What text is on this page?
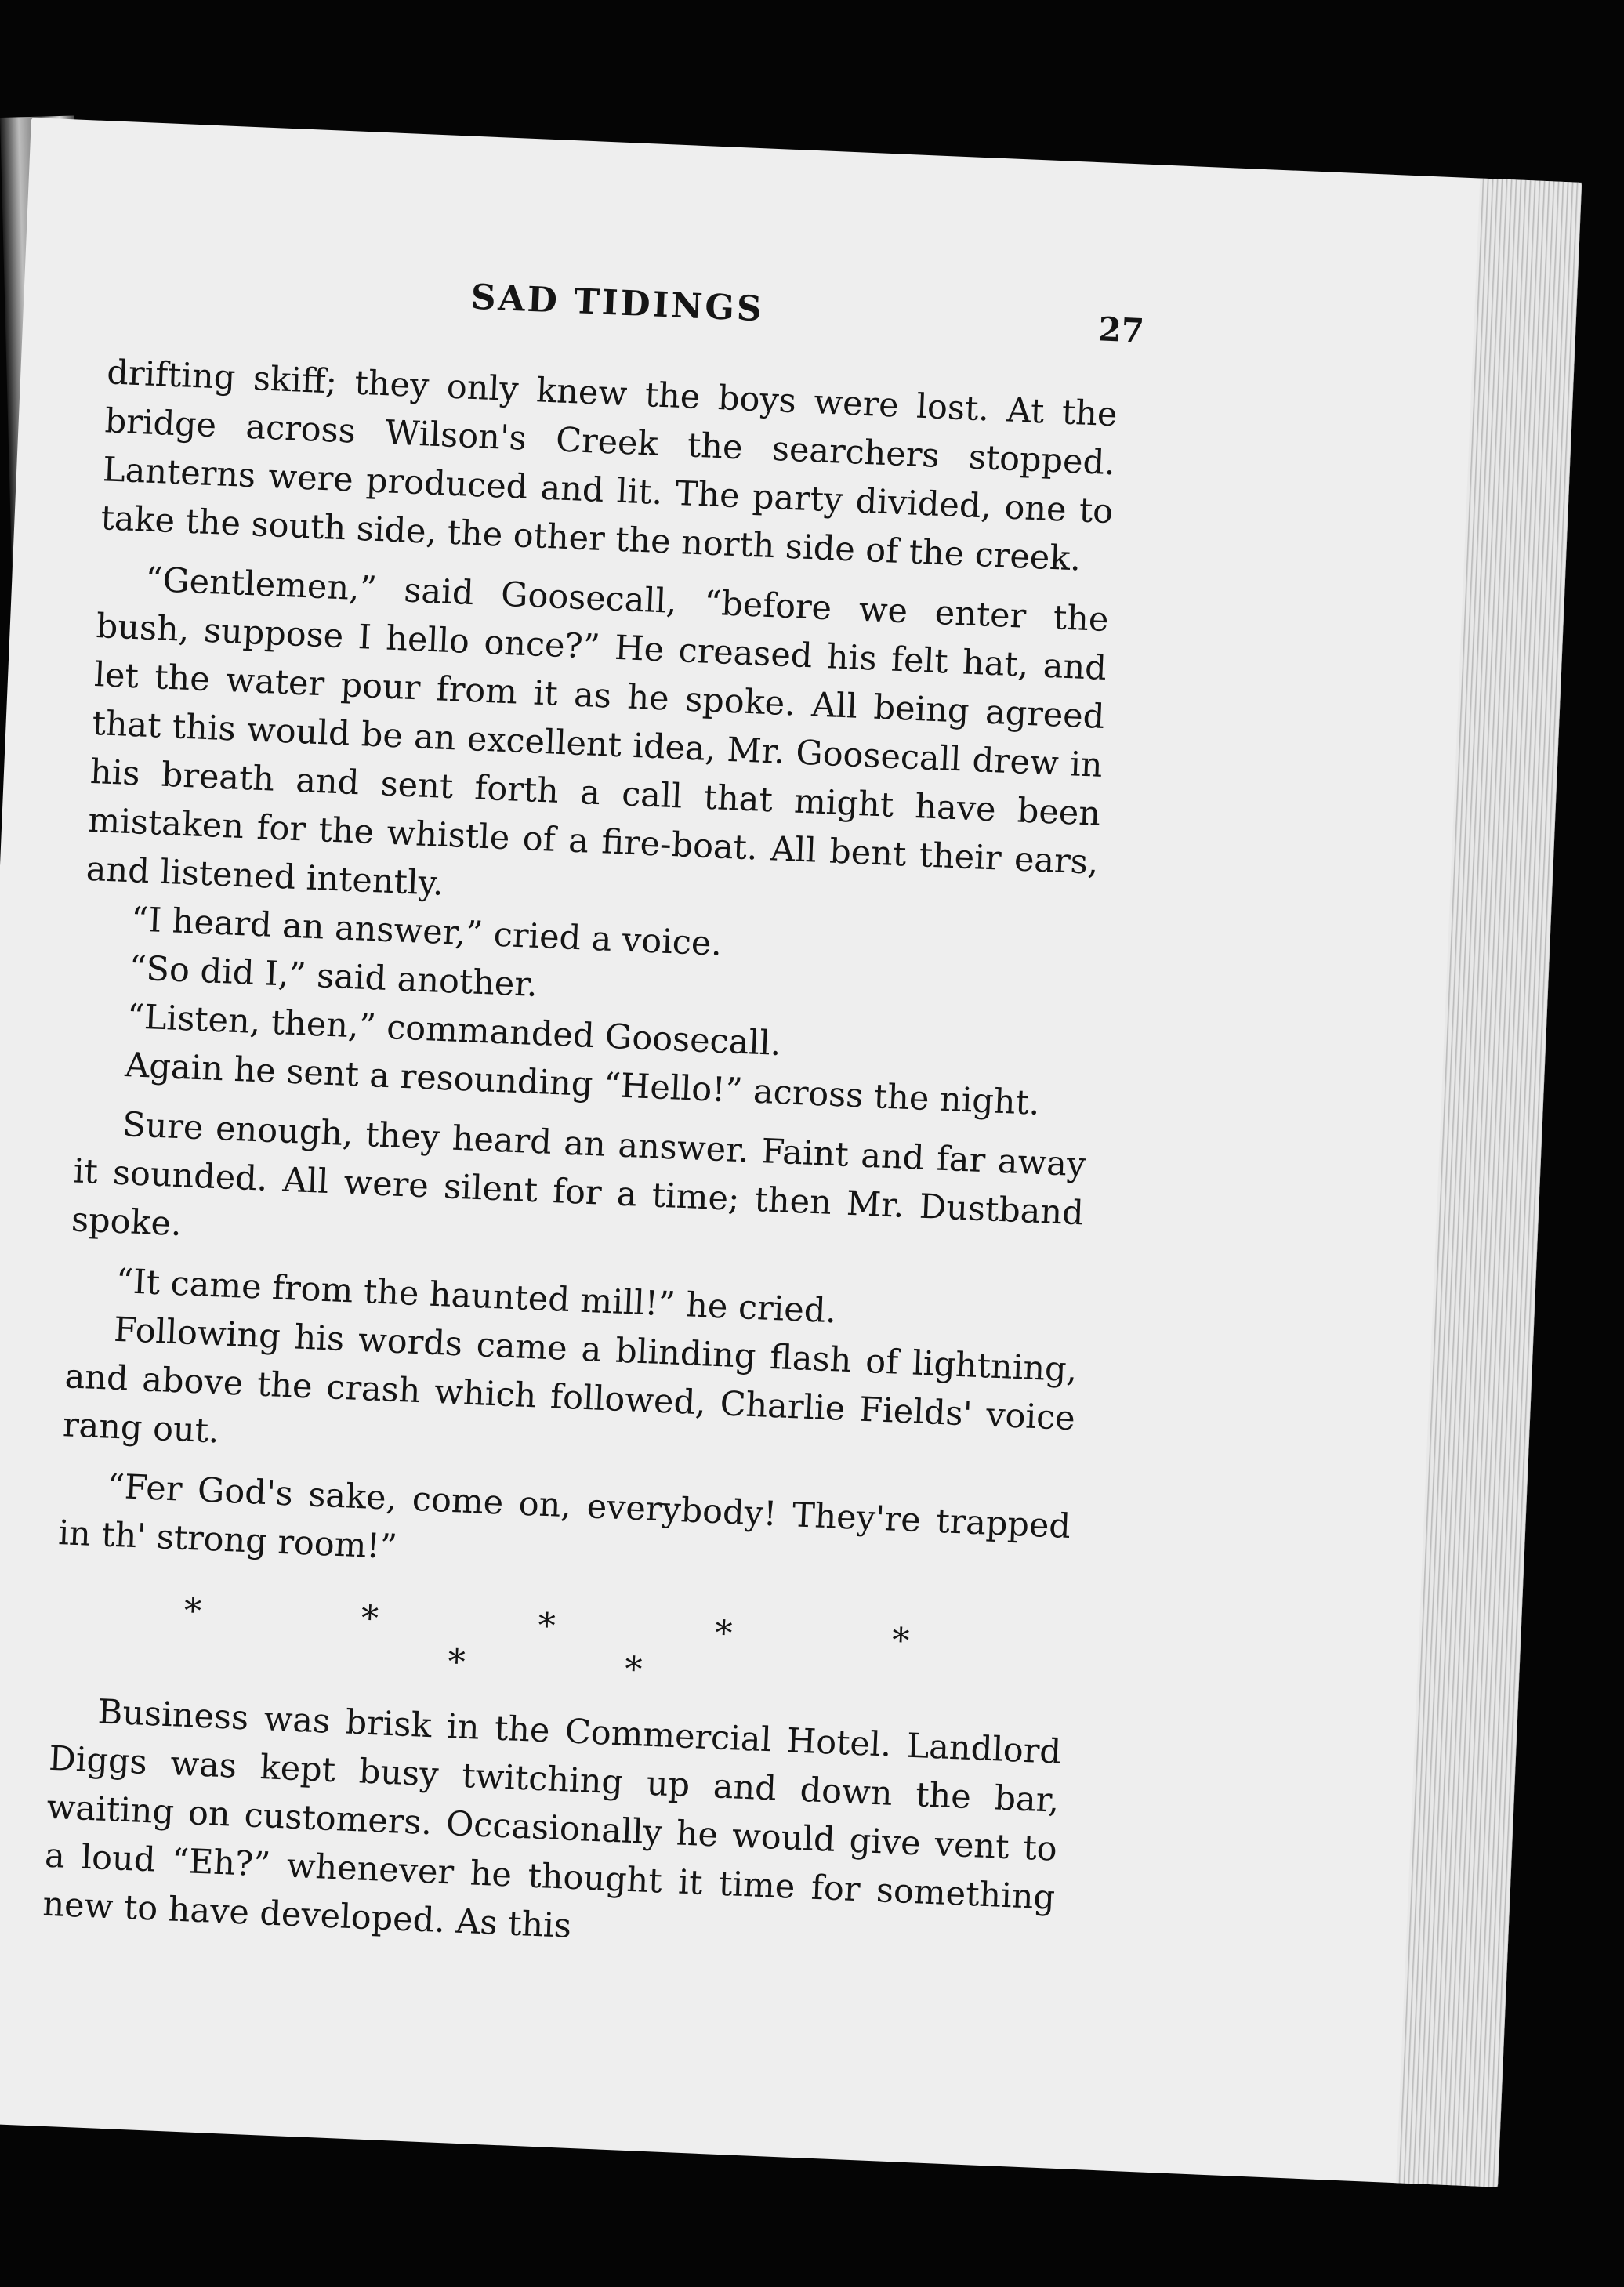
SAD TIDINGS
27

drifting skiff; they only knew the boys were lost. At the bridge across Wilson's Creek the searchers stopped. Lanterns were produced and lit. The party divided, one to take the south side, the other the north side of the creek.

“Gentlemen,” said Goosecall, “before we enter the bush, suppose I hello once?” He creased his felt hat, and let the water pour from it as he spoke. All being agreed that this would be an excellent idea, Mr. Goosecall drew in his breath and sent forth a call that might have been mistaken for the whistle of a fire-boat. All bent their ears, and listened intently.

“I heard an answer,” cried a voice.

“So did I,” said another.

“Listen, then,” commanded Goosecall.

Again he sent a resounding “Hello!” across the night.

Sure enough, they heard an answer. Faint and far away it sounded. All were silent for a time; then Mr. Dustband spoke.

“It came from the haunted mill!” he cried.

Following his words came a blinding flash of lightning, and above the crash which followed, Charlie Fields' voice rang out.

“Fer God's sake, come on, everybody! They're trapped in th' strong room!”

* * * * * * *

Business was brisk in the Commercial Hotel. Landlord Diggs was kept busy twitching up and down the bar, waiting on customers. Occasionally he would give vent to a loud “Eh?” whenever he thought it time for something new to have developed. As this
